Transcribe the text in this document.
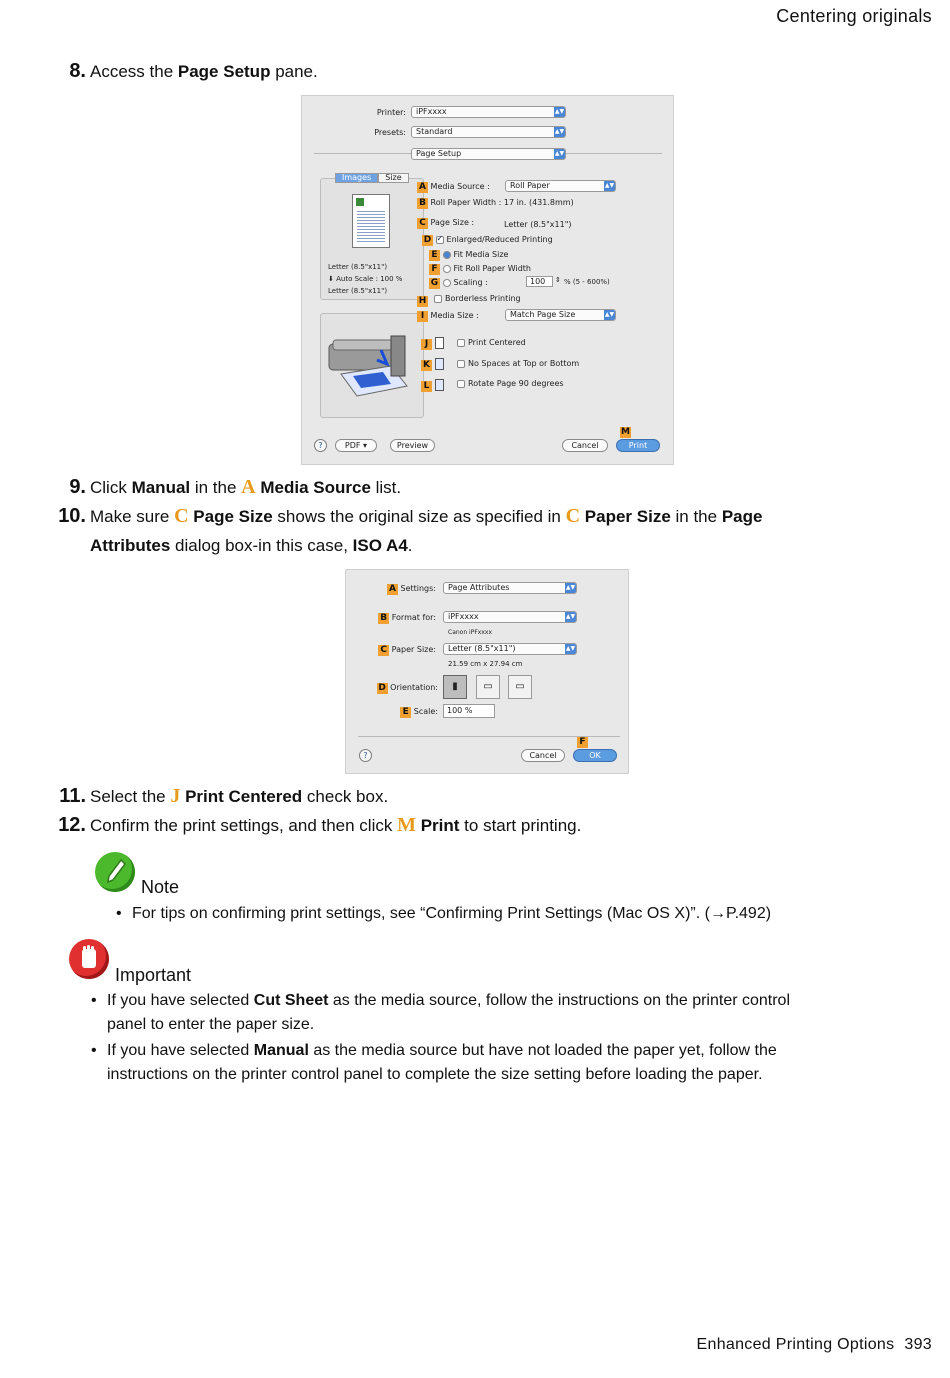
Centering originals
8. Access the Page Setup pane.
Printer:	iPFxxxx	▲▼
Presets:	Standard	▲▼
Page Setup	▲▼
Images	Size
Letter (8.5"x11")
⬇ Auto Scale : 100 %
Letter (8.5"x11")
A Media Source :	Roll Paper	▲▼
B Roll Paper Width : 17 in. (431.8mm)
C Page Size :	Letter (8.5"x11")
D ✓ Enlarged/Reduced Printing
E Fit Media Size
F Fit Roll Paper Width
G Scaling :	100	⇕ % (5 - 600%)
Borderless Printing
H
I Media Size :	Match Page Size	▲▼
J	Print Centered
K	No Spaces at Top or Bottom
L	Rotate Page 90 degrees
?	PDF ▾	Preview	Cancel
M
Print
9. Click Manual in the A Media Source list.
10. Make sure C Page Size shows the original size as specified in C Paper Size in the Page
Attributes dialog box-in this case, ISO A4.
A Settings:	Page Attributes	▲▼
B Format for:	iPFxxxx	▲▼
Canon iPFxxxx
C Paper Size:	Letter (8.5"x11")	▲▼
21.59 cm x 27.94 cm
D Orientation:	▮	▭	▭
E Scale:	100 %
?	Cancel
F
OK
11. Select the J Print Centered check box.
12. Confirm the print settings, and then click M Print to start printing.
Note
• For tips on confirming print settings, see “Confirming Print Settings (Mac OS X)”. (→P.492)
Important
• If you have selected Cut Sheet as the media source, follow the instructions on the printer control
panel to enter the paper size.
• If you have selected Manual as the media source but have not loaded the paper yet, follow the
instructions on the printer control panel to complete the size setting before loading the paper.
Enhanced Printing Options 393
